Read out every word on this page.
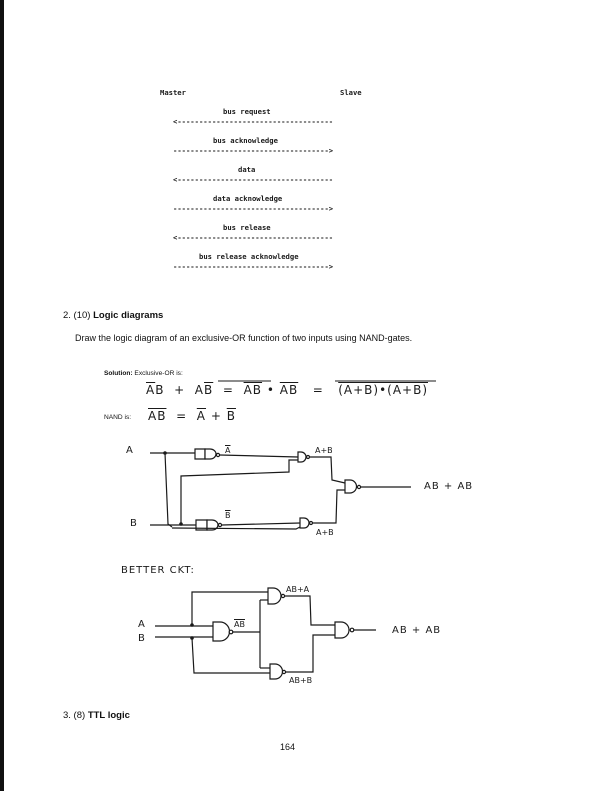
Master	Slave
bus request
<------------------------------------
bus acknowledge
------------------------------------>
data
<------------------------------------
data acknowledge
------------------------------------>
bus release
<------------------------------------
bus release acknowledge
------------------------------------>
2. (10) Logic diagrams
Draw the logic diagram of an exclusive-OR function of two inputs using NAND-gates.
Solution: Exclusive-OR is:
$\overline{A}B + A\overline{B} = \overline{AB}$ • $\overline{AB}$ = (A+B)•(A+B)
NAND is: $\overline{AB} = \overline{A} + \overline{B}$
A
B
$\overline{A}$
$\overline{B}$
A+B
A+B
AB + AB
BETTER CKT:
A
B
$\overline{AB}$
AB+A
AB+B
AB + AB
3. (8) TTL logic
164
